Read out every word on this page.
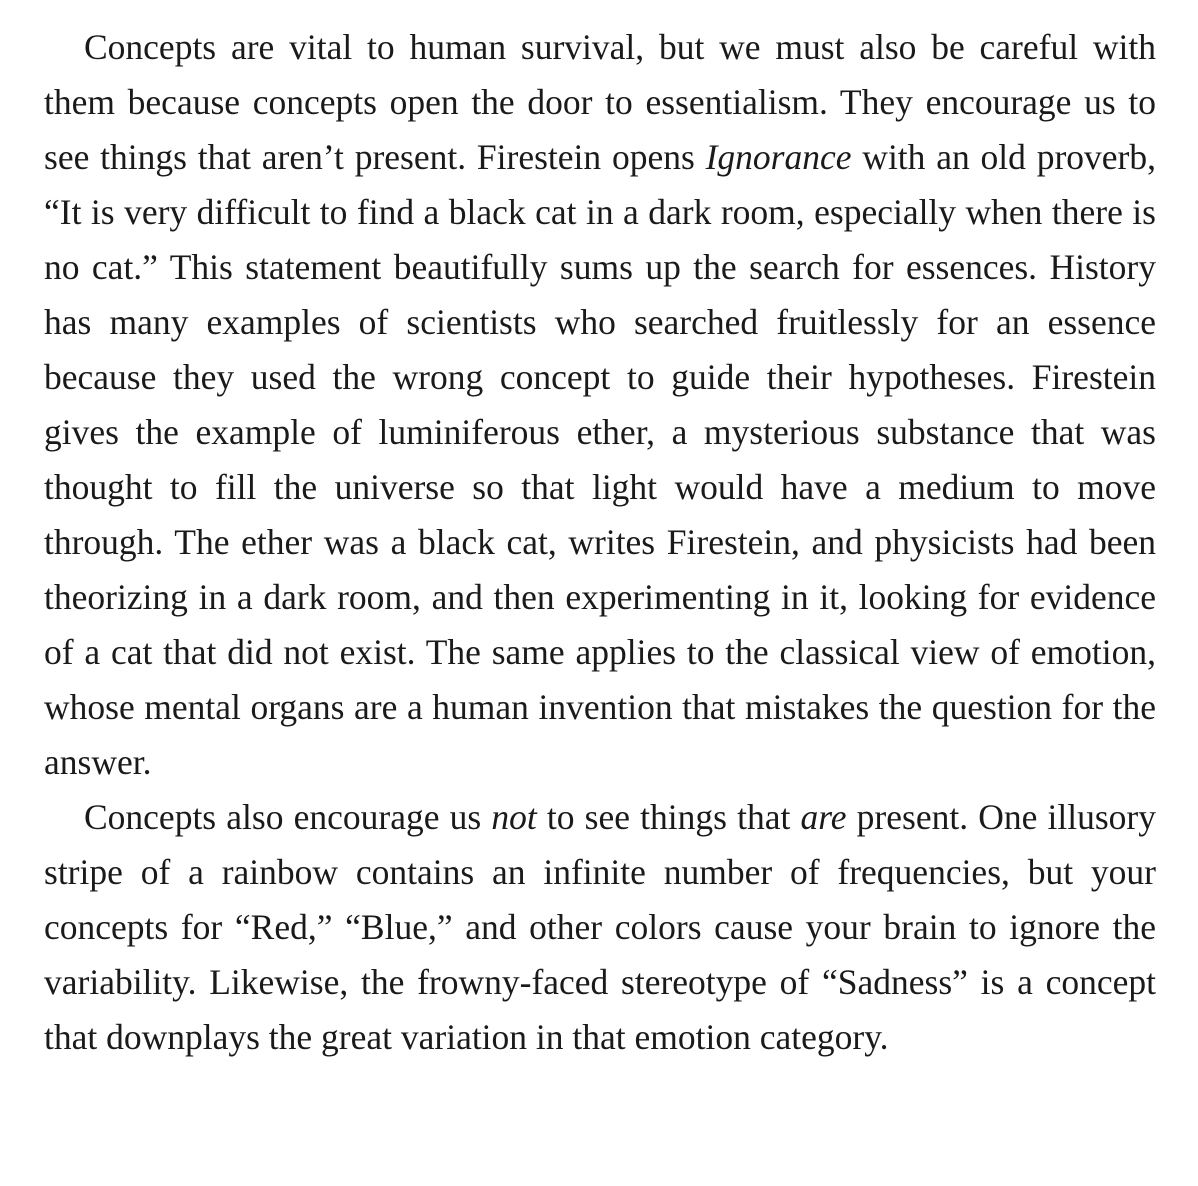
Concepts are vital to human survival, but we must also be careful with them because concepts open the door to essentialism. They encourage us to see things that aren’t present. Firestein opens Ignorance with an old proverb, “It is very difficult to find a black cat in a dark room, especially when there is no cat.” This statement beautifully sums up the search for essences. History has many examples of scientists who searched fruitlessly for an essence because they used the wrong concept to guide their hypotheses. Firestein gives the example of luminiferous ether, a mysterious substance that was thought to fill the universe so that light would have a medium to move through. The ether was a black cat, writes Firestein, and physicists had been theorizing in a dark room, and then experimenting in it, looking for evidence of a cat that did not exist. The same applies to the classical view of emotion, whose mental organs are a human invention that mistakes the question for the answer.

Concepts also encourage us not to see things that are present. One illusory stripe of a rainbow contains an infinite number of frequencies, but your concepts for “Red,” “Blue,” and other colors cause your brain to ignore the variability. Likewise, the frowny-faced stereotype of “Sadness” is a concept that downplays the great variation in that emotion category.
